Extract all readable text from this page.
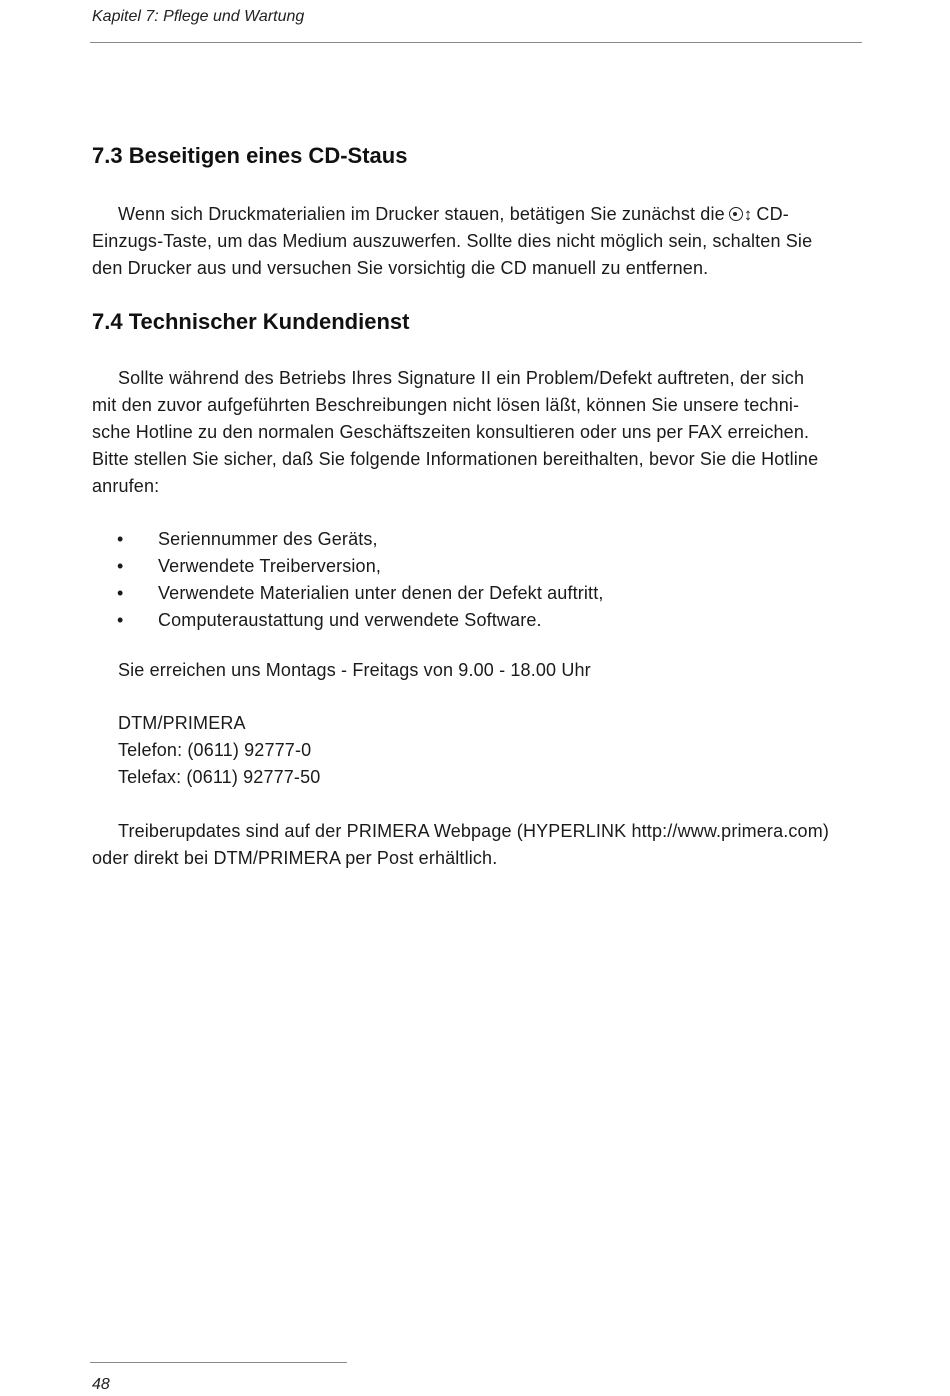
Kapitel 7: Pflege und Wartung
7.3 Beseitigen eines CD-Staus
Wenn sich Druckmaterialien im Drucker stauen, betätigen Sie zunächst die ↕ CD-
Einzugs-Taste, um das Medium auszuwerfen. Sollte dies nicht möglich sein, schalten Sie
den Drucker aus und versuchen Sie vorsichtig die CD manuell zu entfernen.
7.4 Technischer Kundendienst
Sollte während des Betriebs Ihres Signature II ein Problem/Defekt auftreten, der sich
mit den zuvor aufgeführten Beschreibungen nicht lösen läßt, können Sie unsere techni-
sche Hotline zu den normalen Geschäftszeiten konsultieren oder uns per FAX erreichen.
Bitte stellen Sie sicher, daß Sie folgende Informationen bereithalten, bevor Sie die Hotline
anrufen:
• Seriennummer des Geräts,
• Verwendete Treiberversion,
• Verwendete Materialien unter denen der Defekt auftritt,
• Computeraustattung und verwendete Software.
Sie erreichen uns Montags - Freitags von 9.00 - 18.00 Uhr
DTM/PRIMERA
Telefon: (0611) 92777-0
Telefax: (0611) 92777-50
Treiberupdates sind auf der PRIMERA Webpage (HYPERLINK http://www.primera.com)
oder direkt bei DTM/PRIMERA per Post erhältlich.
48
